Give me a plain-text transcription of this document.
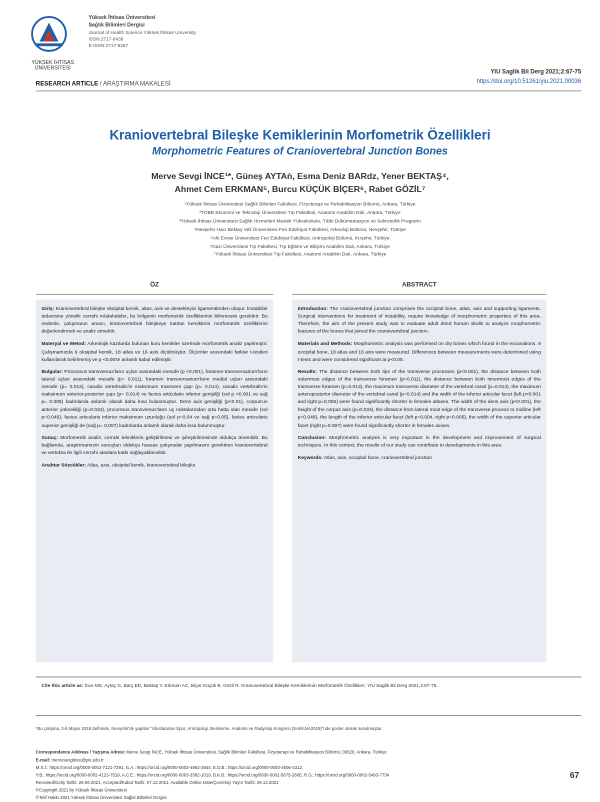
YÜKSEK İHTİSAS ÜNİVERSİTESİ
Yüksek İhtisas Üniversitesi
Sağlık Bilimleri Dergisi
Journal of Health Science Yüksek İhtisas University
ISSN:2717-8439
E-ISSN:2717-9257
YIU Saglik Bil Derg 2021;2:67-75
https://doi.org/10.51261/yiu.2021.00036
RESEARCH ARTICLE / ARAŞTIRMA MAKALESİ
Kraniovertebral Bileşke Kemiklerinin Morfometrik Özellikleri
Morphometric Features of Craniovertebral Junction Bones
Merve Sevgi İNCE¹*, Güneş AYTAǹ, Esma Deniz BARǳ, Yener BEKTAŞ⁴,
Ahmet Cem ERKMAN⁵, Burcu KÜÇÜK BİÇER⁶, Rabet GÖZİL⁷
¹Yüksek İhtisas Üniversitesi Sağlık Bilimleri Fakültesi, Fizyoterapi ve Rehabilitasyon Bölümü, Ankara, Türkiye
²TOBB Ekonomi ve Teknoloji Üniversitesi Tıp Fakültesi, Anatomi Anabilim Dalı, Ankara, Türkiye
³Yüksek İhtisas Üniversitesi Sağlık Hizmetleri Meslek Yüksekokulu, Tıbbi Dokümantasyon ve Sekreterlik Programı
⁴Nevşehir Hacı Bektaş Veli Üniversitesi Fen Edebiyat Fakültesi, Arkeoloji Bölümü, Nevşehir, Türkiye
⁵Ahi Evran Üniversitesi Fen Edebiyat Fakültesi, Antropoloji Bölümü, Kırşehir, Türkiye
⁶Gazi Üniversitesi Tıp Fakültesi, Tıp Eğitimi ve Bilişimi Anabilim Dalı, Ankara, Türkiye
⁷Yüksek İhtisas Üniversitesi Tıp Fakültesi, Anatomi Anabilim Dalı, Ankara, Türkiye
ÖZ	ABSTRACT

Giriş: Kraniovertebral bileşke oksipital kemik, atlas, axis ve destekleyici ligamentlerden oluşur. İnstabilite tedavisine yönelik cerrahi müdahaleler, bu bölgenin morfometrik özelliklerinin bilinmesini gerektirir. Bu nedenle, çalışmanın amacı, kraniovertebral bileşkeye katılan kemiklerin morfometrik özelliklerini değerlendirmek ve analiz etmektir.

Materyal ve Metod: Arkeolojik kazılarda bulunan kuru kemikler üzerinde morfometrik analiz yapılmıştır. Çalışmamızda 9 oksipital kemik, 18 atlas ve 16 axis ölçülmüştür. Ölçümler arasındaki farklar t-testleri kullanılarak belirlenmiş ve p <0.05'te anlamlı kabul edilmiştir.

Bulgular: Processus transversus'ların uçları arasındaki mesafe (p <0,001), foramen transversarium'ların lateral uçları arasındaki mesafe (p= 0,011), foramen transversarium'ların medial uçları arasındaki mesafe (p= 0,013), canalis vertebralis'in maksimum transvers çapı (p= 0,014), canalis vertebralis'in maksimum anterior-posterior çapı (p= 0,014) ve facies articularis inferior genişliği (sol p <0.001 ve sağ p= 0.005) kadınlarda anlamlı olarak daha kısa bulunmuştur. Dens axis genişliği (p<0.01), corpus'un anterior yüksekliği (p=0.034), processus transversus'ların uç noktalarından orta hatta olan mesafe (sol p=0.049), facies articularis inferior maksimum uzunluğu (sol p=0.04 ve sağ p=0.05), facies articularis superior genişliği de (sağ p= 0,007) kadınlarda anlamlı olarak daha kısa bulunmuştur.

Sonuç: Morfometrik analiz, cerrahi tekniklerin geliştirilmesi ve iyileştirilmesinde oldukça önemlidir. Bu bağlamda, araştırmamızın sonuçları oldukça hassas çalışmalar yapılmasını gerektiren kraniovertebral ve vertebra ile ilgili cerrahi alanlara katkı sağlayabilecektir.

Anahtar Sözcükler: Atlas, axis, oksipital kemik, kraniovertebral bileşke

Introduction: The craniovertebral junction comprises the occipital bone, atlas, axis and supporting ligaments. Surgical interventions for treatment of instability, require knowledge of morphometric properties of this area. Therefore, the aim of the present study was to evaluate adult dried human skulls to analyze morphometric features of the bones that joined the craniovertebral junction.

Materials and Methods: Morphometric analysis was performed on dry bones which found in the excavations. 9 occipital bone, 18 atlas and 16 axis were measured. Differences between measurements were determined using t-tests and were considered significant at p<0.05.

Results: The distance between both tips of the transverse processes (p<0.001), the distance between both outermost edges of the transverse foramen (p=0.011), the distance between both innermost edges of the transverse foramen (p=0.013), the maximum transverse diameter of the vertebral canal (p=0.014), the maximum anteroposterior diameter of the vertebral canal (p=0.014) and the width of the inferior articular facet (left p<0.001 and right p=0.005) were found significantly shorter in females atlases. The width of the dens axis (p<0.001), the height of the corpus axis (p=0.034), the distance from lateral most edge of the transverse process to midline (left p=0.049), the length of the inferior articular facet (left p=0.004, right p=0.005), the width of the superior articular facet (right p=0.007) were found significantly shorter in females axises.

Conclusion: Morphometric analysis is very important in the development and improvement of surgical techniques. In this context, the results of our study can contribute to developments in this area.

Keywords: Atlas, axis, occipital bone, craniovertebral junction

Cite this article as: İnce MS, Aytaç G, Barç ED, Bektaş Y, Erkman AC, Biçer Küçük B, Gözil R. Kraniovertebral Bileşke Kemiklerinin Morfometrik Özellikleri. YIU Saglik Bil Derg 2021;2:67-75.
*Bu çalışma, 3-5 Mayıs 2018 tarihinde, Nevşehir'de yapılan "Uluslararası Spor, Antropoloji, Beslenme, Anatomi ve Radyoloji Kongresi (SABANA2018)"nde poster olarak sunulmuştur.
Correspondence Address / Yazışma Adresi: Merve Sevgi İNCE, Yüksek İhtisas Üniversitesi, Sağlık Bilimleri Fakültesi, Fizyoterapi ve Rehabilitasyon Bölümü, 06520, Ankara, Türkiye
E-mail: mervesevgiince@yiu.edu.tr
M.S.İ.: https://orcid.org/0000-0002-7121-7291, G.A.: https://orcid.org/0000-0003-4962-2844, E.D.B.: https://orcid.org/0000-0003-4506-4312,
Y.B.: https://orcid.org/0000-0002-4123-7519, A.C.E.: https://orcid.org/0000-0003-3382-1019, B.K.B.: https://orcid.org/0000-0002-5675-2605, R.G.: https://orcid.org/0000-0002-5493-7734
Received/Geliş Tarihi: 29.06.2021, Accepted/Kabul Tarihi: 07.12.2021, Available Online Date/Çevrimiçi Yayın Tarihi: 29.12.2021
©Copyright 2021 by Yüksek İhtisas Üniversitesi
©Telif Hakkı 2021 Yüksek İhtisas Üniversitesi Sağlık Bilimleri Dergisi
67
